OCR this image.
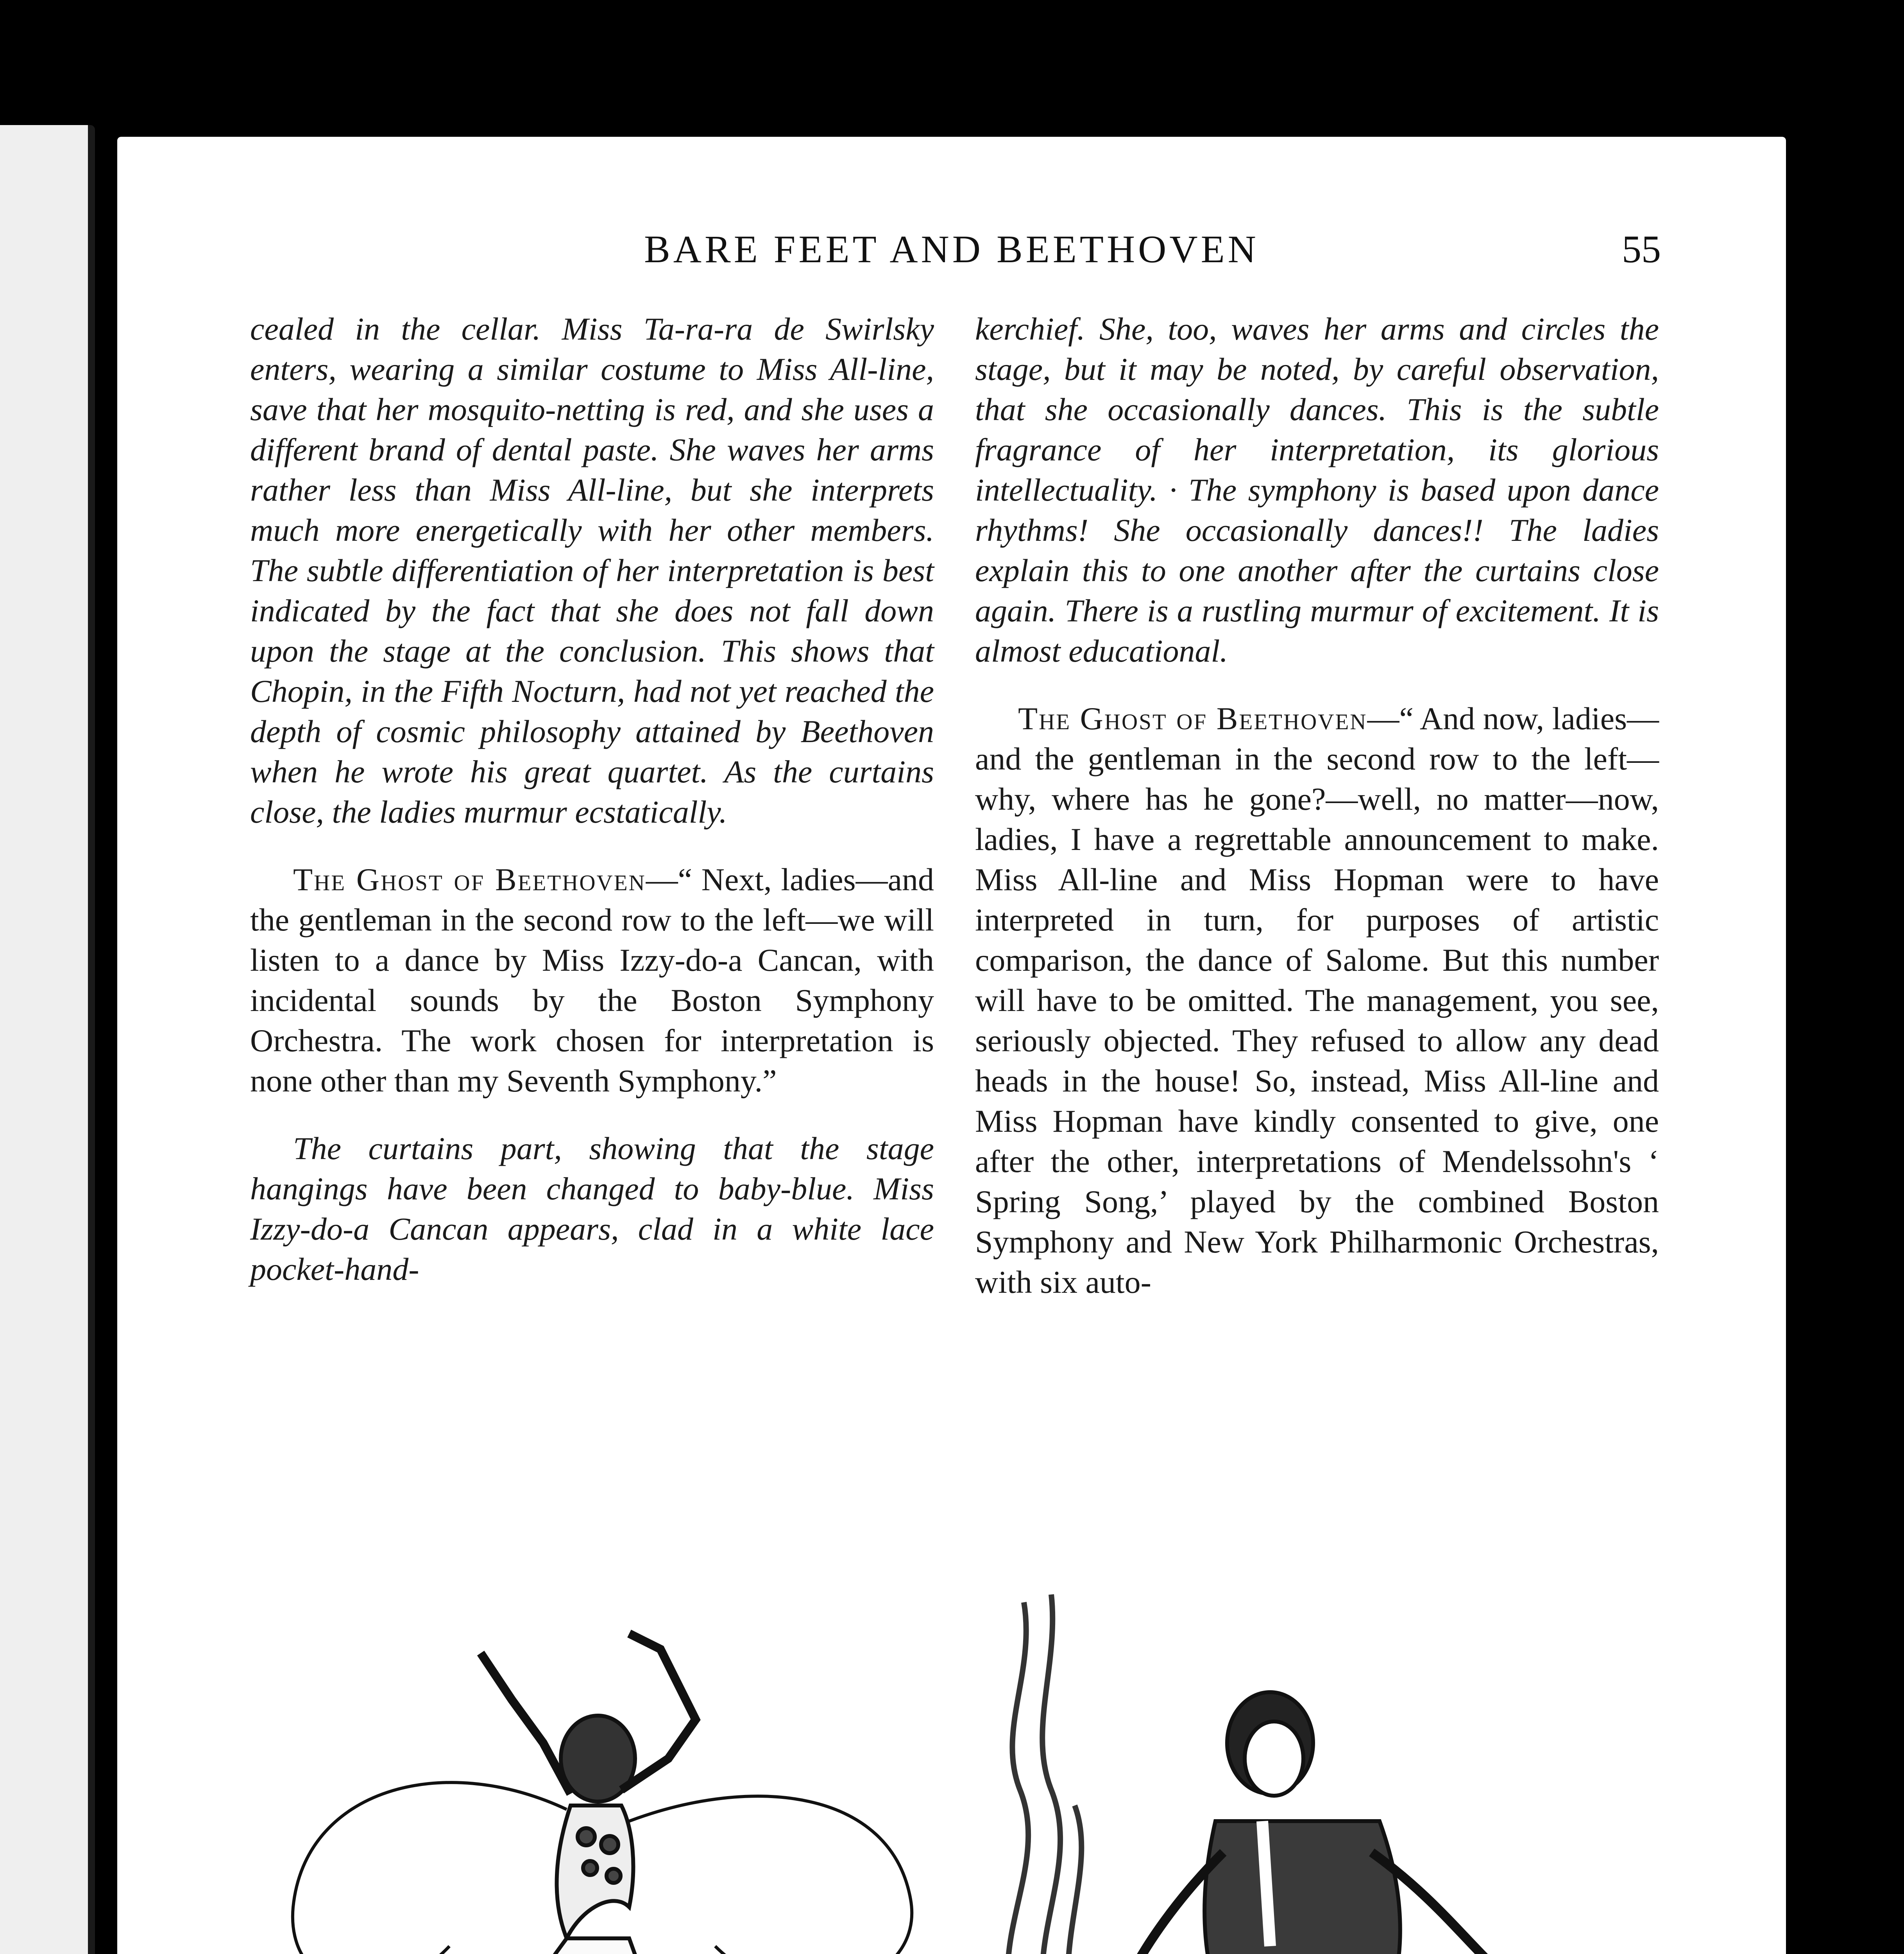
BARE FEET AND BEETHOVEN	55

cealed in the cellar. Miss Ta-ra-ra de Swirlsky enters, wearing a similar costume to Miss All-line, save that her mosquito-netting is red, and she uses a different brand of dental paste. She waves her arms rather less than Miss All-line, but she interprets much more energetically with her other members. The subtle differentiation of her interpretation is best indicated by the fact that she does not fall down upon the stage at the conclusion. This shows that Chopin, in the Fifth Nocturn, had not yet reached the depth of cosmic philosophy attained by Beethoven when he wrote his great quartet. As the curtains close, the ladies murmur ecstatically.

The Ghost of Beethoven—“ Next, ladies—and the gentleman in the second row to the left—we will listen to a dance by Miss Izzy-do-a Cancan, with incidental sounds by the Boston Symphony Orchestra. The work chosen for interpretation is none other than my Seventh Symphony.”

The curtains part, showing that the stage hangings have been changed to baby-blue. Miss Izzy-do-a Cancan appears, clad in a white lace pocket-hand-

kerchief. She, too, waves her arms and circles the stage, but it may be noted, by careful observation, that she occasionally dances. This is the subtle fragrance of her interpretation, its glorious intellectuality. · The symphony is based upon dance rhythms! She occasionally dances!! The ladies explain this to one another after the curtains close again. There is a rustling murmur of excitement. It is almost educational.

The Ghost of Beethoven—“ And now, ladies—and the gentleman in the second row to the left—why, where has he gone?—well, no matter—now, ladies, I have a regrettable announcement to make. Miss All-line and Miss Hopman were to have interpreted in turn, for purposes of artistic comparison, the dance of Salome. But this number will have to be omitted. The management, you see, seriously objected. They refused to allow any dead heads in the house! So, instead, Miss All-line and Miss Hopman have kindly consented to give, one after the other, interpretations of Mendelssohn's ‘ Spring Song,’ played by the combined Boston Symphony and New York Philharmonic Orchestras, with six auto-
